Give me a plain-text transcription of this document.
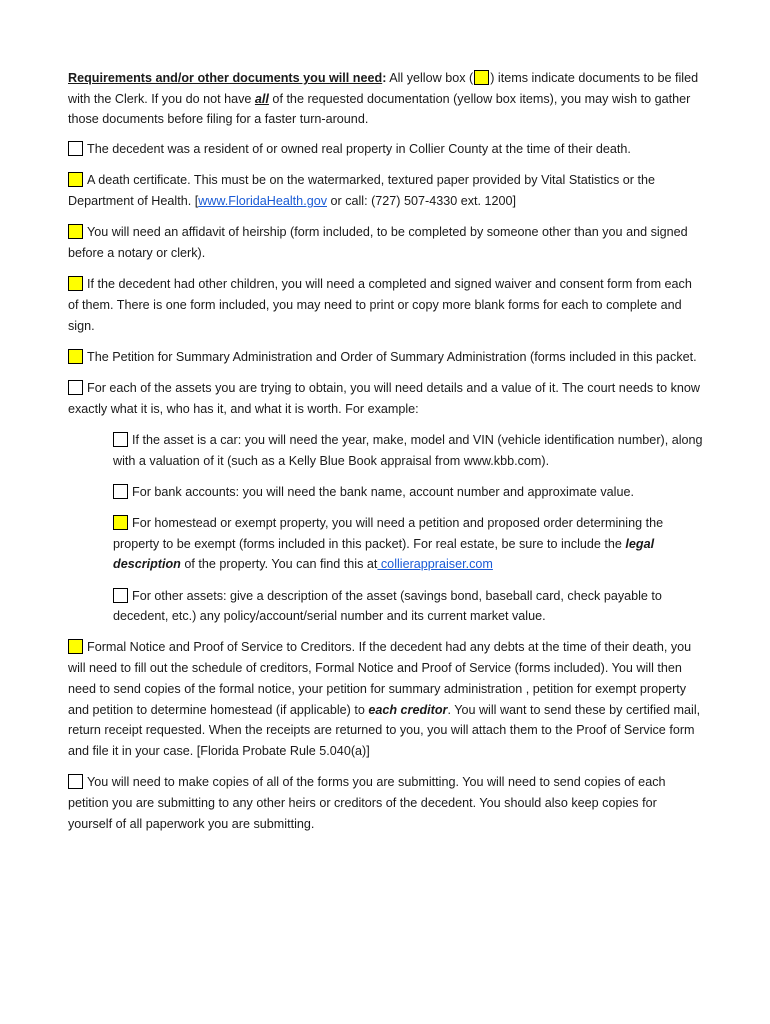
Requirements and/or other documents you will need: All yellow box ( ) items indicate documents to be filed with the Clerk. If you do not have all of the requested documentation (yellow box items), you may wish to gather those documents before filing for a faster turn-around.

The decedent was a resident of or owned real property in Collier County at the time of their death.

A death certificate. This must be on the watermarked, textured paper provided by Vital Statistics or the Department of Health. [www.FloridaHealth.gov or call: (727) 507-4330 ext. 1200]

You will need an affidavit of heirship (form included, to be completed by someone other than you and signed before a notary or clerk).

If the decedent had other children, you will need a completed and signed waiver and consent form from each of them. There is one form included, you may need to print or copy more blank forms for each to complete and sign.

The Petition for Summary Administration and Order of Summary Administration (forms included in this packet.

For each of the assets you are trying to obtain, you will need details and a value of it. The court needs to know exactly what it is, who has it, and what it is worth. For example:

If the asset is a car: you will need the year, make, model and VIN (vehicle identification number), along with a valuation of it (such as a Kelly Blue Book appraisal from www.kbb.com).

For bank accounts: you will need the bank name, account number and approximate value.

For homestead or exempt property, you will need a petition and proposed order determining the property to be exempt (forms included in this packet). For real estate, be sure to include the legal description of the property. You can find this at collierappraiser.com

For other assets: give a description of the asset (savings bond, baseball card, check payable to decedent, etc.) any policy/account/serial number and its current market value.

Formal Notice and Proof of Service to Creditors. If the decedent had any debts at the time of their death, you will need to fill out the schedule of creditors, Formal Notice and Proof of Service (forms included). You will then need to send copies of the formal notice, your petition for summary administration , petition for exempt property and petition to determine homestead (if applicable) to each creditor. You will want to send these by certified mail, return receipt requested. When the receipts are returned to you, you will attach them to the Proof of Service form and file it in your case. [Florida Probate Rule 5.040(a)]

You will need to make copies of all of the forms you are submitting. You will need to send copies of each petition you are submitting to any other heirs or creditors of the decedent. You should also keep copies for yourself of all paperwork you are submitting.
